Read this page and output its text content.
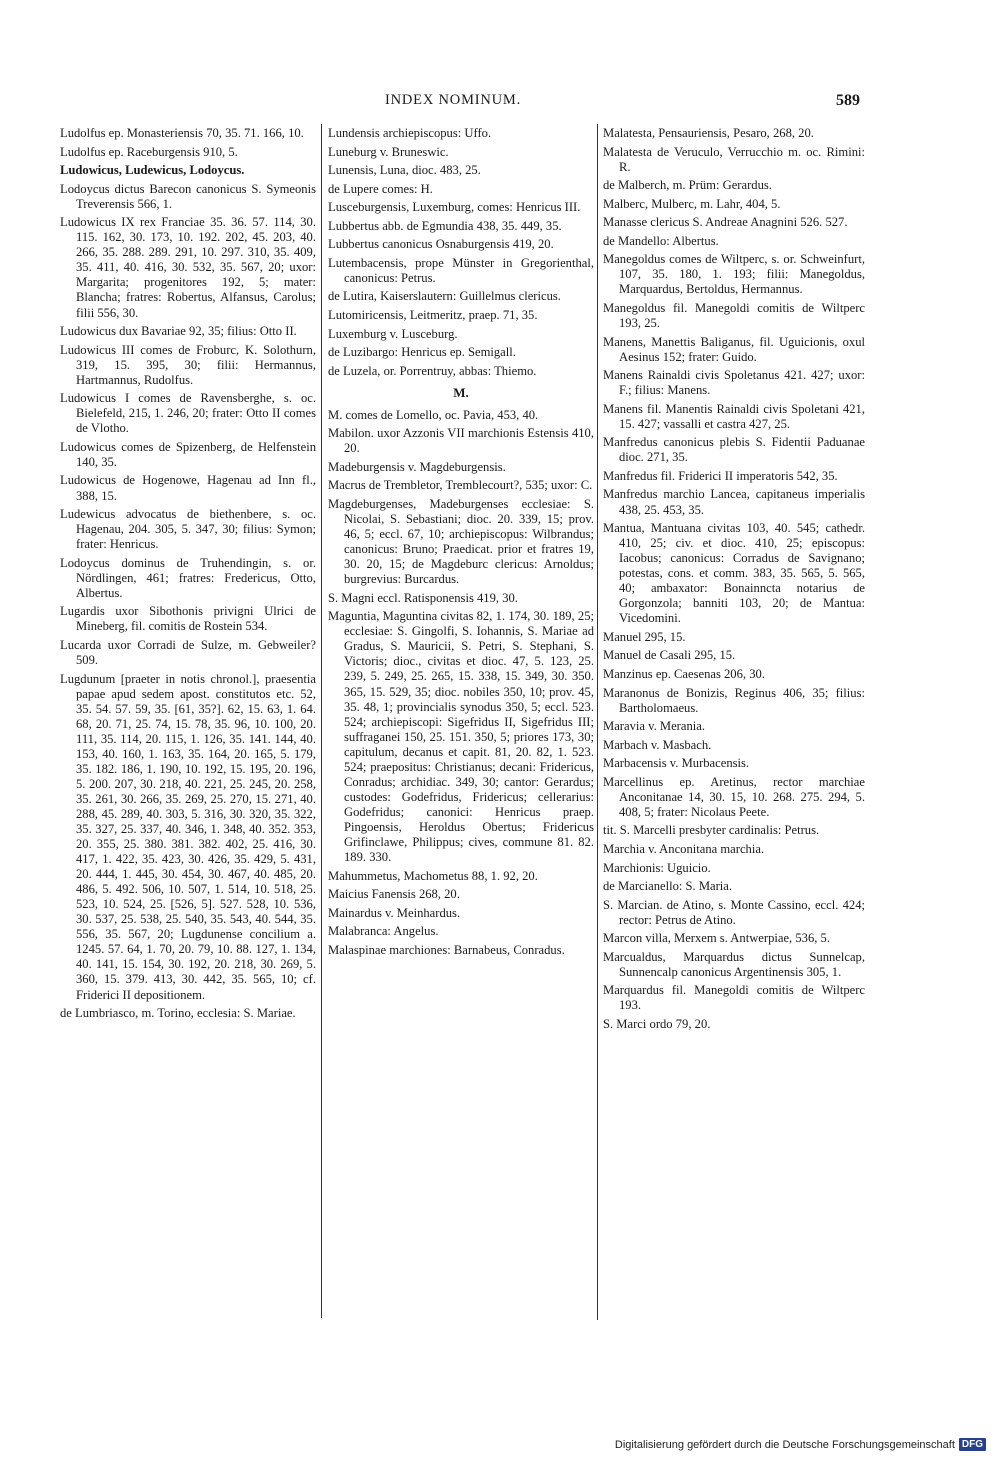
INDEX NOMINUM.	589

Ludolfus ep. Monasteriensis 70, 35. 71. 166, 10.

Ludolfus ep. Raceburgensis 910, 5.

Ludowicus, Ludewicus, Lodoycus.

Lodoycus dictus Barecon canonicus S. Symeonis Treverensis 566, 1.

Ludowicus IX rex Franciae 35. 36. 57. 114, 30. 115. 162, 30. 173, 10. 192. 202, 45. 203, 40. 266, 35. 288. 289. 291, 10. 297. 310, 35. 409, 35. 411, 40. 416, 30. 532, 35. 567, 20; uxor: Margarita; progenitores 192, 5; mater: Blancha; fratres: Robertus, Alfansus, Carolus; filii 556, 30.

Ludowicus dux Bavariae 92, 35; filius: Otto II.

Ludowicus III comes de Froburc, K. Solothurn, 319, 15. 395, 30; filii: Hermannus, Hartmannus, Rudolfus.

Ludowicus I comes de Ravensberghe, s. oc. Bielefeld, 215, 1. 246, 20; frater: Otto II comes de Vlotho.

Ludowicus comes de Spizenberg, de Helfenstein 140, 35.

Ludowicus de Hogenowe, Hagenau ad Inn fl., 388, 15.

Ludewicus advocatus de biethenbere, s. oc. Hagenau, 204. 305, 5. 347, 30; filius: Symon; frater: Henricus.

Lodoycus dominus de Truhendingin, s. or. Nördlingen, 461; fratres: Fredericus, Otto, Albertus.

Lugardis uxor Sibothonis privigni Ulrici de Mineberg, fil. comitis de Rostein 534.

Lucarda uxor Corradi de Sulze, m. Gebweiler? 509.

Lugdunum [praeter in notis chronol.], praesentia papae apud sedem apost. constitutos etc. 52, 35. 54. 57. 59, 35. [61, 35?]. 62, 15. 63, 1. 64. 68, 20. 71, 25. 74, 15. 78, 35. 96, 10. 100, 20. 111, 35. 114, 20. 115, 1. 126, 35. 141. 144, 40. 153, 40. 160, 1. 163, 35. 164, 20. 165, 5. 179, 35. 182. 186, 1. 190, 10. 192, 15. 195, 20. 196, 5. 200. 207, 30. 218, 40. 221, 25. 245, 20. 258, 35. 261, 30. 266, 35. 269, 25. 270, 15. 271, 40. 288, 45. 289, 40. 303, 5. 316, 30. 320, 35. 322, 35. 327, 25. 337, 40. 346, 1. 348, 40. 352. 353, 20. 355, 25. 380. 381. 382. 402, 25. 416, 30. 417, 1. 422, 35. 423, 30. 426, 35. 429, 5. 431, 20. 444, 1. 445, 30. 454, 30. 467, 40. 485, 20. 486, 5. 492. 506, 10. 507, 1. 514, 10. 518, 25. 523, 10. 524, 25. [526, 5]. 527. 528, 10. 536, 30. 537, 25. 538, 25. 540, 35. 543, 40. 544, 35. 556, 35. 567, 20; Lugdunense concilium a. 1245. 57. 64, 1. 70, 20. 79, 10. 88. 127, 1. 134, 40. 141, 15. 154, 30. 192, 20. 218, 30. 269, 5. 360, 15. 379. 413, 30. 442, 35. 565, 10; cf. Friderici II depositionem.

de Lumbriasco, m. Torino, ecclesia: S. Mariae.

Lundensis archiepiscopus: Uffo.

Luneburg v. Bruneswic.

Lunensis, Luna, dioc. 483, 25.

de Lupere comes: H.

Lusceburgensis, Luxemburg, comes: Henricus III.

Lubbertus abb. de Egmundia 438, 35. 449, 35.

Lubbertus canonicus Osnaburgensis 419, 20.

Lutembacensis, prope Münster in Gregorienthal, canonicus: Petrus.

de Lutira, Kaiserslautern: Guillelmus clericus.

Lutomiricensis, Leitmeritz, praep. 71, 35.

Luxemburg v. Lusceburg.

de Luzibargo: Henricus ep. Semigall.

de Luzela, or. Porrentruy, abbas: Thiemo.

M.

M. comes de Lomello, oc. Pavia, 453, 40.

Mabilon. uxor Azzonis VII marchionis Estensis 410, 20.

Madeburgensis v. Magdeburgensis.

Macrus de Trembletor, Tremblecourt?, 535; uxor: C.

Magdeburgenses, Madeburgenses ecclesiae: S. Nicolai, S. Sebastiani; dioc. 20. 339, 15; prov. 46, 5; eccl. 67, 10; archiepiscopus: Wilbrandus; canonicus: Bruno; Praedicat. prior et fratres 19, 30. 20, 15; de Magdeburc clericus: Arnoldus; burgrevius: Burcardus.

S. Magni eccl. Ratisponensis 419, 30.

Maguntia, Maguntina civitas 82, 1. 174, 30. 189, 25; ecclesiae: S. Gingolfi, S. Iohannis, S. Mariae ad Gradus, S. Mauricii, S. Petri, S. Stephani, S. Victoris; dioc., civitas et dioc. 47, 5. 123, 25. 239, 5. 249, 25. 265, 15. 338, 15. 349, 30. 350. 365, 15. 529, 35; dioc. nobiles 350, 10; prov. 45, 35. 48, 1; provincialis synodus 350, 5; eccl. 523. 524; archiepiscopi: Sigefridus II, Sigefridus III; suffraganei 150, 25. 151. 350, 5; priores 173, 30; capitulum, decanus et capit. 81, 20. 82, 1. 523. 524; praepositus: Christianus; decani: Fridericus, Conradus; archidiac. 349, 30; cantor: Gerardus; custodes: Godefridus, Fridericus; cellerarius: Godefridus; canonici: Henricus praep. Pingoensis, Heroldus Obertus; Fridericus Grifinclawe, Philippus; cives, commune 81. 82. 189. 330.

Mahummetus, Machometus 88, 1. 92, 20.

Maicius Fanensis 268, 20.

Mainardus v. Meinhardus.

Malabranca: Angelus.

Malaspinae marchiones: Barnabeus, Conradus.

Malatesta, Pensauriensis, Pesaro, 268, 20.

Malatesta de Veruculo, Verrucchio m. oc. Rimini: R.

de Malberch, m. Prüm: Gerardus.

Malberc, Mulberc, m. Lahr, 404, 5.

Manasse clericus S. Andreae Anagnini 526. 527.

de Mandello: Albertus.

Manegoldus comes de Wiltperc, s. or. Schweinfurt, 107, 35. 180, 1. 193; filii: Manegoldus, Marquardus, Bertoldus, Hermannus.

Manegoldus fil. Manegoldi comitis de Wiltperc 193, 25.

Manens, Manettis Baliganus, fil. Uguicionis, oxul Aesinus 152; frater: Guido.

Manens Rainaldi civis Spoletanus 421. 427; uxor: F.; filius: Manens.

Manens fil. Manentis Rainaldi civis Spoletani 421, 15. 427; vassalli et castra 427, 25.

Manfredus canonicus plebis S. Fidentii Paduanae dioc. 271, 35.

Manfredus fil. Friderici II imperatoris 542, 35.

Manfredus marchio Lancea, capitaneus imperialis 438, 25. 453, 35.

Mantua, Mantuana civitas 103, 40. 545; cathedr. 410, 25; civ. et dioc. 410, 25; episcopus: Iacobus; canonicus: Corradus de Savignano; potestas, cons. et comm. 383, 35. 565, 5. 565, 40; ambaxator: Bonainncta notarius de Gorgonzola; banniti 103, 20; de Mantua: Vicedomini.

Manuel 295, 15.

Manuel de Casali 295, 15.

Manzinus ep. Caesenas 206, 30.

Maranonus de Bonizis, Reginus 406, 35; filius: Bartholomaeus.

Maravia v. Merania.

Marbach v. Masbach.

Marbacensis v. Murbacensis.

Marcellinus ep. Aretinus, rector marchiae Anconitanae 14, 30. 15, 10. 268. 275. 294, 5. 408, 5; frater: Nicolaus Peete.

tit. S. Marcelli presbyter cardinalis: Petrus.

Marchia v. Anconitana marchia.

Marchionis: Uguicio.

de Marcianello: S. Maria.

S. Marcian. de Atino, s. Monte Cassino, eccl. 424; rector: Petrus de Atino.

Marcon villa, Merxem s. Antwerpiae, 536, 5.

Marcualdus, Marquardus dictus Sunnelcap, Sunnencalp canonicus Argentinensis 305, 1.

Marquardus fil. Manegoldi comitis de Wiltperc 193.

S. Marci ordo 79, 20.

Digitalisierung gefördert durch die Deutsche Forschungsgemeinschaft DFG
